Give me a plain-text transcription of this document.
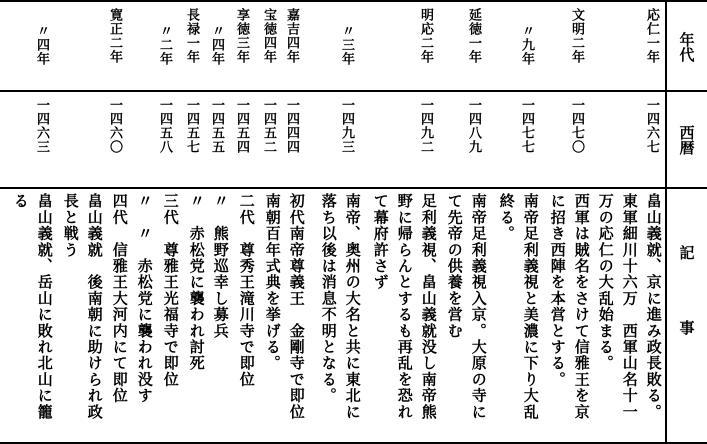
年代
西暦
記事
応仁一年
文明二年
〃九年
延徳一年
明応二年
〃三年
嘉吉四年
宝徳四年
享徳三年
〃四年
長禄一年
〃二年
寛正二年
〃四年
一四六七
一四七〇
一四七七
一四八九
一四九二
一四九三
一四四四
一四五二
一四五四
一四五五
一四五七
一四五八
一四六〇
一四六三
畠山義就、京に進み政長敗る。
東軍細川十六万　西軍山名十一
万の応仁の大乱始まる。
西軍は賊名をさけて信雅王を京
に招き西陣を本営とする。
南帝足利義視と美濃に下り大乱
終る。
南帝足利義視入京。大原の寺に
て先帝の供養を営む
足利義視、畠山義就没し南帝熊
野に帰らんとするも再乱を恐れ
て幕府許さず
南帝、奥州の大名と共に東北に
落ち以後は消息不明となる。
初代南帝尊義王　金剛寺で即位
南朝百年式典を挙げる。
二代　尊秀王滝川寺で即位
〃　熊野巡幸し募兵
〃　赤松党に襲われ討死
三代　尊雅王光福寺で即位
〃　〃　赤松党に襲われ没す
四代　信雅王大河内にて即位
畠山義就　後南朝に助けられ政
長と戦う
畠山義就、岳山に敗れ北山に籠
る
